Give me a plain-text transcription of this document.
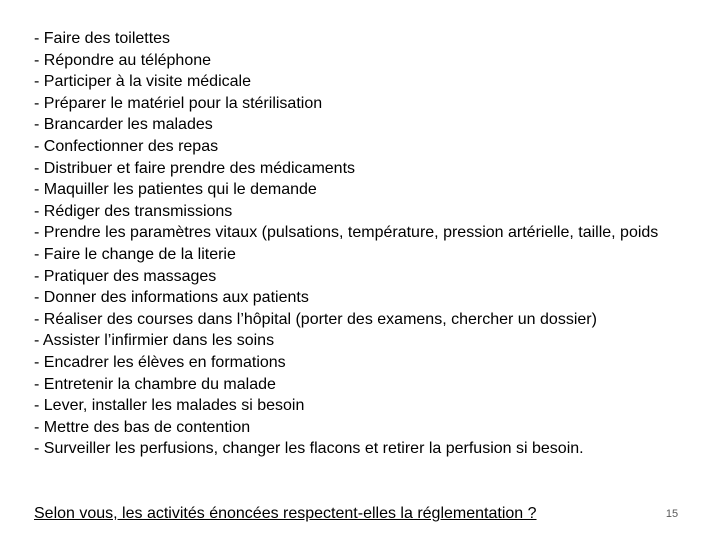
- Faire des toilettes
- Répondre au téléphone
- Participer à la visite médicale
- Préparer le matériel pour la stérilisation
- Brancarder les malades
- Confectionner des repas
- Distribuer et faire prendre des médicaments
- Maquiller les patientes qui le demande
- Rédiger des transmissions
- Prendre les paramètres vitaux (pulsations, température, pression artérielle, taille, poids
- Faire le change de la literie
- Pratiquer des massages
- Donner des informations aux patients
- Réaliser des courses dans l’hôpital (porter des examens, chercher un dossier)
- Assister l’infirmier dans les soins
- Encadrer les élèves en formations
- Entretenir la chambre du malade
- Lever, installer les malades si besoin
- Mettre des bas de contention
- Surveiller les perfusions, changer les flacons et retirer la perfusion si besoin.
Selon vous, les activités énoncées respectent-elles la réglementation ?	15
